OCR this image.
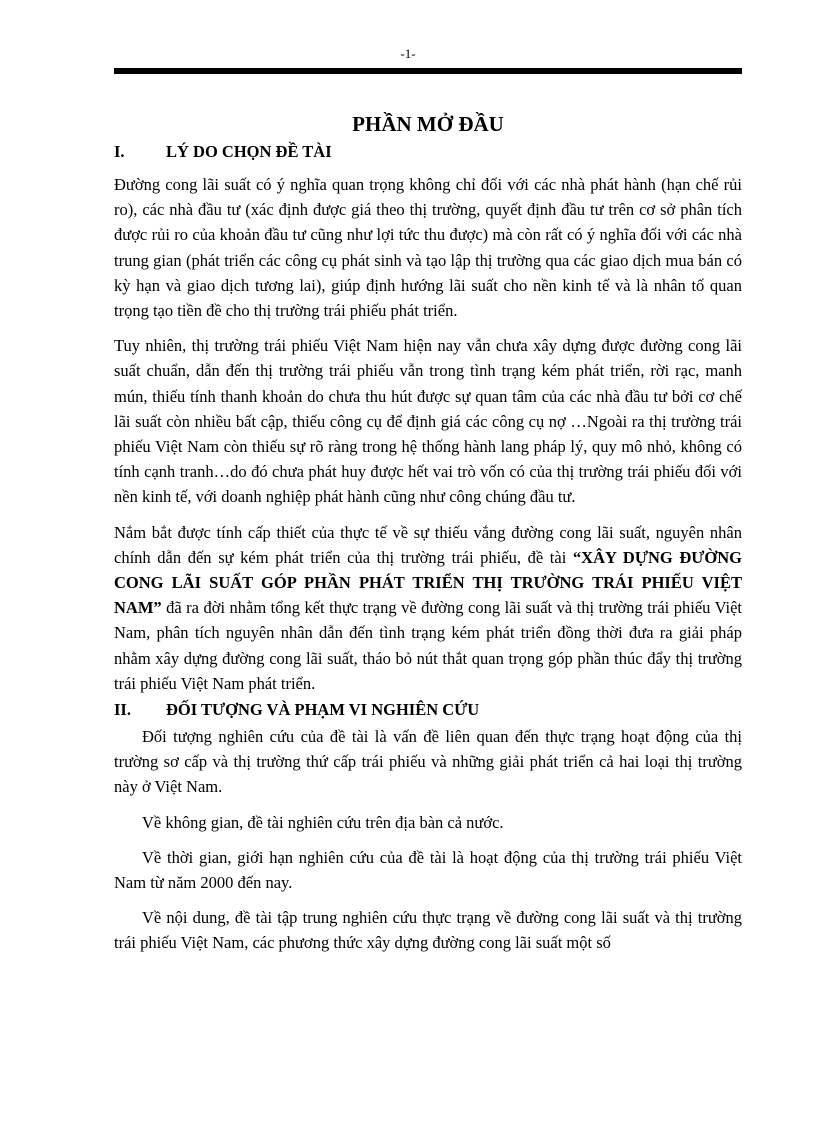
-1-
PHẦN MỞ ĐẦU
I.	LÝ DO CHỌN ĐỀ TÀI

Đường cong lãi suất có ý nghĩa quan trọng không chỉ đối với các nhà phát hành (hạn chế rủi ro), các nhà đầu tư (xác định được giá theo thị trường, quyết định đầu tư trên cơ sở phân tích được rủi ro của khoản đầu tư cũng như lợi tức thu được) mà còn rất có ý nghĩa đối với các nhà trung gian (phát triển các công cụ phát sinh và tạo lập thị trường qua các giao dịch mua bán có kỳ hạn và giao dịch tương lai), giúp định hướng lãi suất cho nền kinh tế và là nhân tố quan trọng tạo tiền đề cho thị trường trái phiếu phát triển.

Tuy nhiên, thị trường trái phiếu Việt Nam hiện nay vẫn chưa xây dựng được đường cong lãi suất chuẩn, dẫn đến thị trường trái phiếu vẫn trong tình trạng kém phát triển, rời rạc, manh mún, thiếu tính thanh khoản do chưa thu hút được sự quan tâm của các nhà đầu tư bởi cơ chế lãi suất còn nhiều bất cập, thiếu công cụ để định giá các công cụ nợ …Ngoài ra thị trường trái phiếu Việt Nam còn thiếu sự rõ ràng trong hệ thống hành lang pháp lý, quy mô nhỏ, không có tính cạnh tranh…do đó chưa phát huy được hết vai trò vốn có của thị trường trái phiếu đối với nền kinh tế, với doanh nghiệp phát hành cũng như công chúng đầu tư.

Nắm bắt được tính cấp thiết của thực tế về sự thiếu vắng đường cong lãi suất, nguyên nhân chính dẫn đến sự kém phát triển của thị trường trái phiếu, đề tài “XÂY DỰNG ĐƯỜNG CONG LÃI SUẤT GÓP PHẦN PHÁT TRIỂN THỊ TRƯỜNG TRÁI PHIẾU VIỆT NAM” đã ra đời nhằm tổng kết thực trạng về đường cong lãi suất và thị trường trái phiếu Việt Nam, phân tích nguyên nhân dẫn đến tình trạng kém phát triển đồng thời đưa ra giải pháp nhằm xây dựng đường cong lãi suất, tháo bỏ nút thắt quan trọng góp phần thúc đẩy thị trường trái phiếu Việt Nam phát triển.

II.	ĐỐI TƯỢNG VÀ PHẠM VI NGHIÊN CỨU

Đối tượng nghiên cứu của đề tài là vấn đề liên quan đến thực trạng hoạt động của thị trường sơ cấp và thị trường thứ cấp trái phiếu và những giải phát triển cả hai loại thị trường này ở Việt Nam.

Về không gian, đề tài nghiên cứu trên địa bàn cả nước.

Về thời gian, giới hạn nghiên cứu của đề tài là hoạt động của thị trường trái phiếu Việt Nam từ năm 2000 đến nay.

Về nội dung, đề tài tập trung nghiên cứu thực trạng về đường cong lãi suất và thị trường trái phiếu Việt Nam, các phương thức xây dựng đường cong lãi suất một số
